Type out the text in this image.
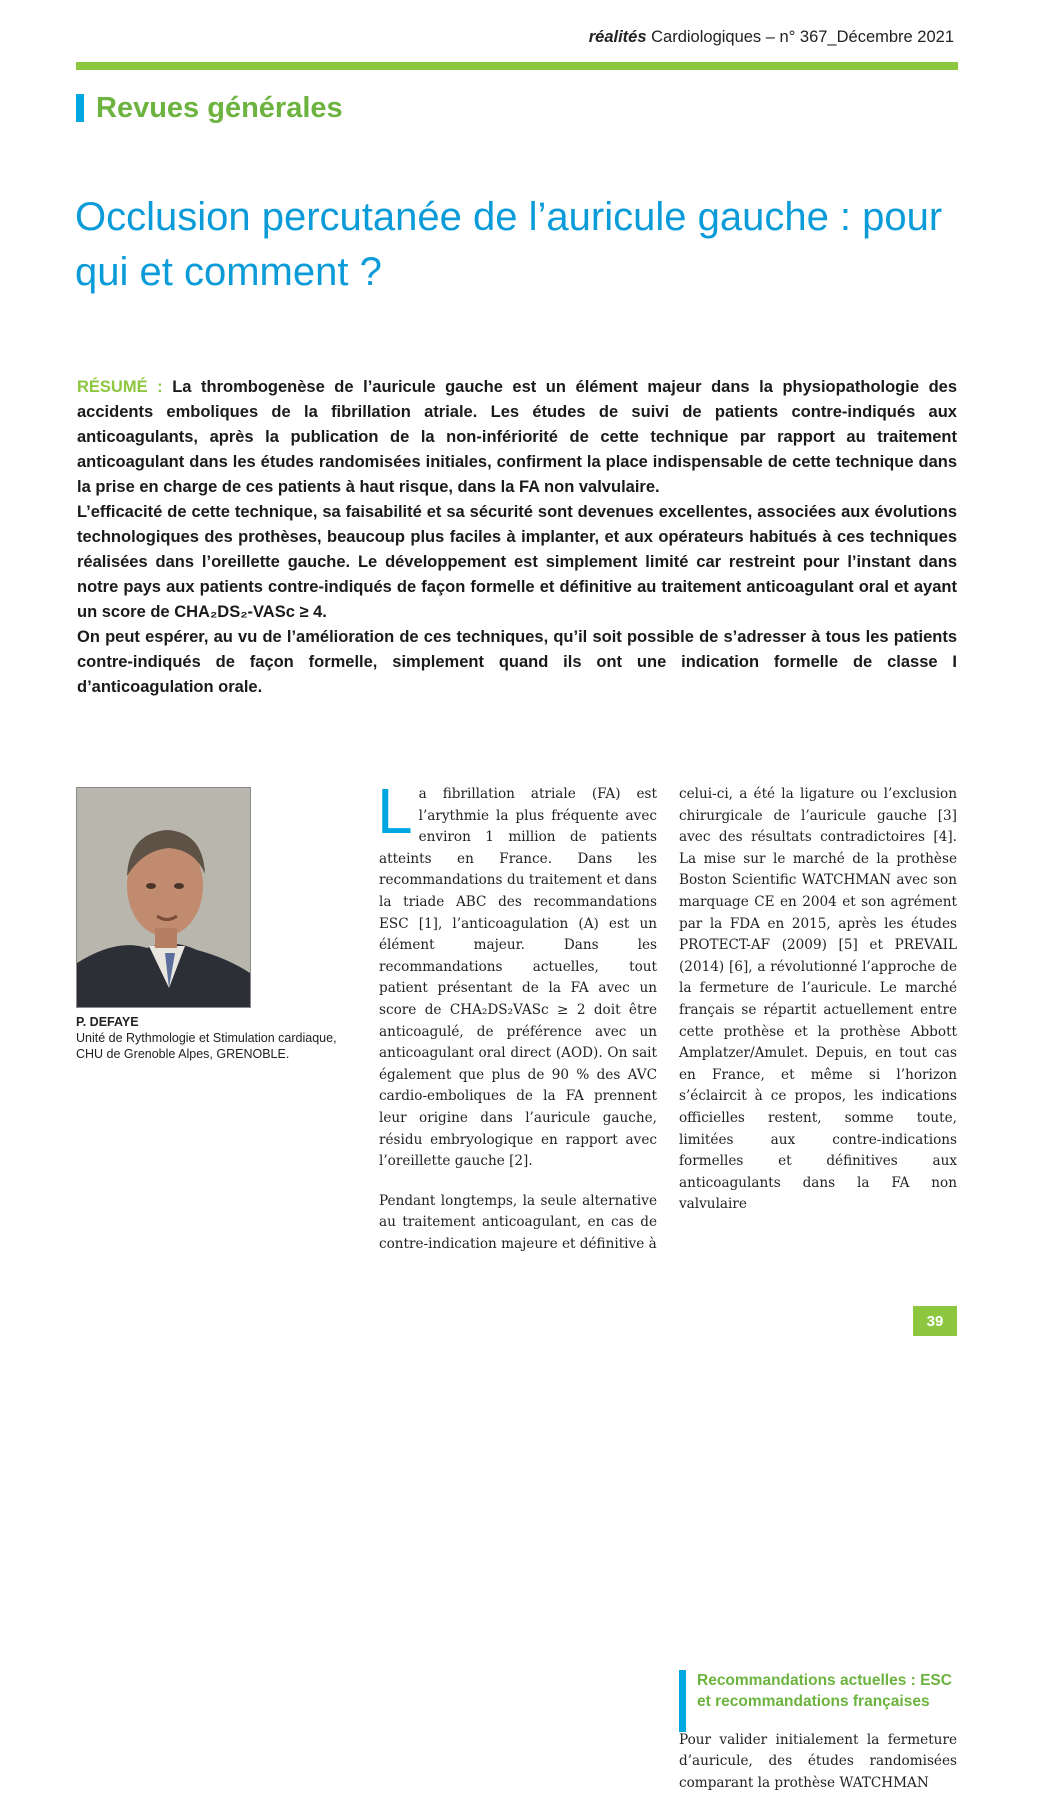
réalités Cardiologiques – n° 367_Décembre 2021
Revues générales
Occlusion percutanée de l’auricule gauche : pour qui et comment ?

RÉSUMÉ : La thrombogenèse de l’auricule gauche est un élément majeur dans la physiopathologie des accidents emboliques de la fibrillation atriale. Les études de suivi de patients contre-indiqués aux anticoagulants, après la publication de la non-infériorité de cette technique par rapport au traitement anticoagulant dans les études randomisées initiales, confirment la place indispensable de cette technique dans la prise en charge de ces patients à haut risque, dans la FA non valvulaire.

L’efficacité de cette technique, sa faisabilité et sa sécurité sont devenues excellentes, associées aux évolutions technologiques des prothèses, beaucoup plus faciles à implanter, et aux opérateurs habitués à ces techniques réalisées dans l’oreillette gauche. Le développement est simplement limité car restreint pour l’instant dans notre pays aux patients contre-indiqués de façon formelle et définitive au traitement anticoagulant oral et ayant un score de CHA₂DS₂-VASc ≥ 4.

On peut espérer, au vu de l’amélioration de ces techniques, qu’il soit possible de s’adresser à tous les patients contre-indiqués de façon formelle, simplement quand ils ont une indication formelle de classe I d’anticoagulation orale.

P. DEFAYE
Unité de Rythmologie et Stimulation cardiaque,
CHU de Grenoble Alpes, GRENOBLE.

La fibrillation atriale (FA) est l’arythmie la plus fréquente avec environ 1 million de patients atteints en France. Dans les recommandations du traitement et dans la triade ABC des recommandations ESC [1], l’anticoagulation (A) est un élément majeur. Dans les recommandations actuelles, tout patient présentant de la FA avec un score de CHA₂DS₂VASc ≥ 2 doit être anticoagulé, de préférence avec un anticoagulant oral direct (AOD). On sait également que plus de 90 % des AVC cardio-emboliques de la FA prennent leur origine dans l’auricule gauche, résidu embryologique en rapport avec l’oreillette gauche [2].

Pendant longtemps, la seule alternative au traitement anticoagulant, en cas de contre-indication majeure et définitive à

celui-ci, a été la ligature ou l’exclusion chirurgicale de l’auricule gauche [3] avec des résultats contradictoires [4]. La mise sur le marché de la prothèse Boston Scientific WATCHMAN avec son marquage CE en 2004 et son agrément par la FDA en 2015, après les études PROTECT-AF (2009) [5] et PREVAIL (2014) [6], a révolutionné l’approche de la fermeture de l’auricule. Le marché français se répartit actuellement entre cette prothèse et la prothèse Abbott Amplatzer/Amulet. Depuis, en tout cas en France, et même si l’horizon s’éclaircit à ce propos, les indications officielles restent, somme toute, limitées aux contre-indications formelles et définitives aux anticoagulants dans la FA non valvulaire

Recommandations actuelles : ESC et recommandations françaises

Pour valider initialement la fermeture d’auricule, des études randomisées comparant la prothèse WATCHMAN

39
